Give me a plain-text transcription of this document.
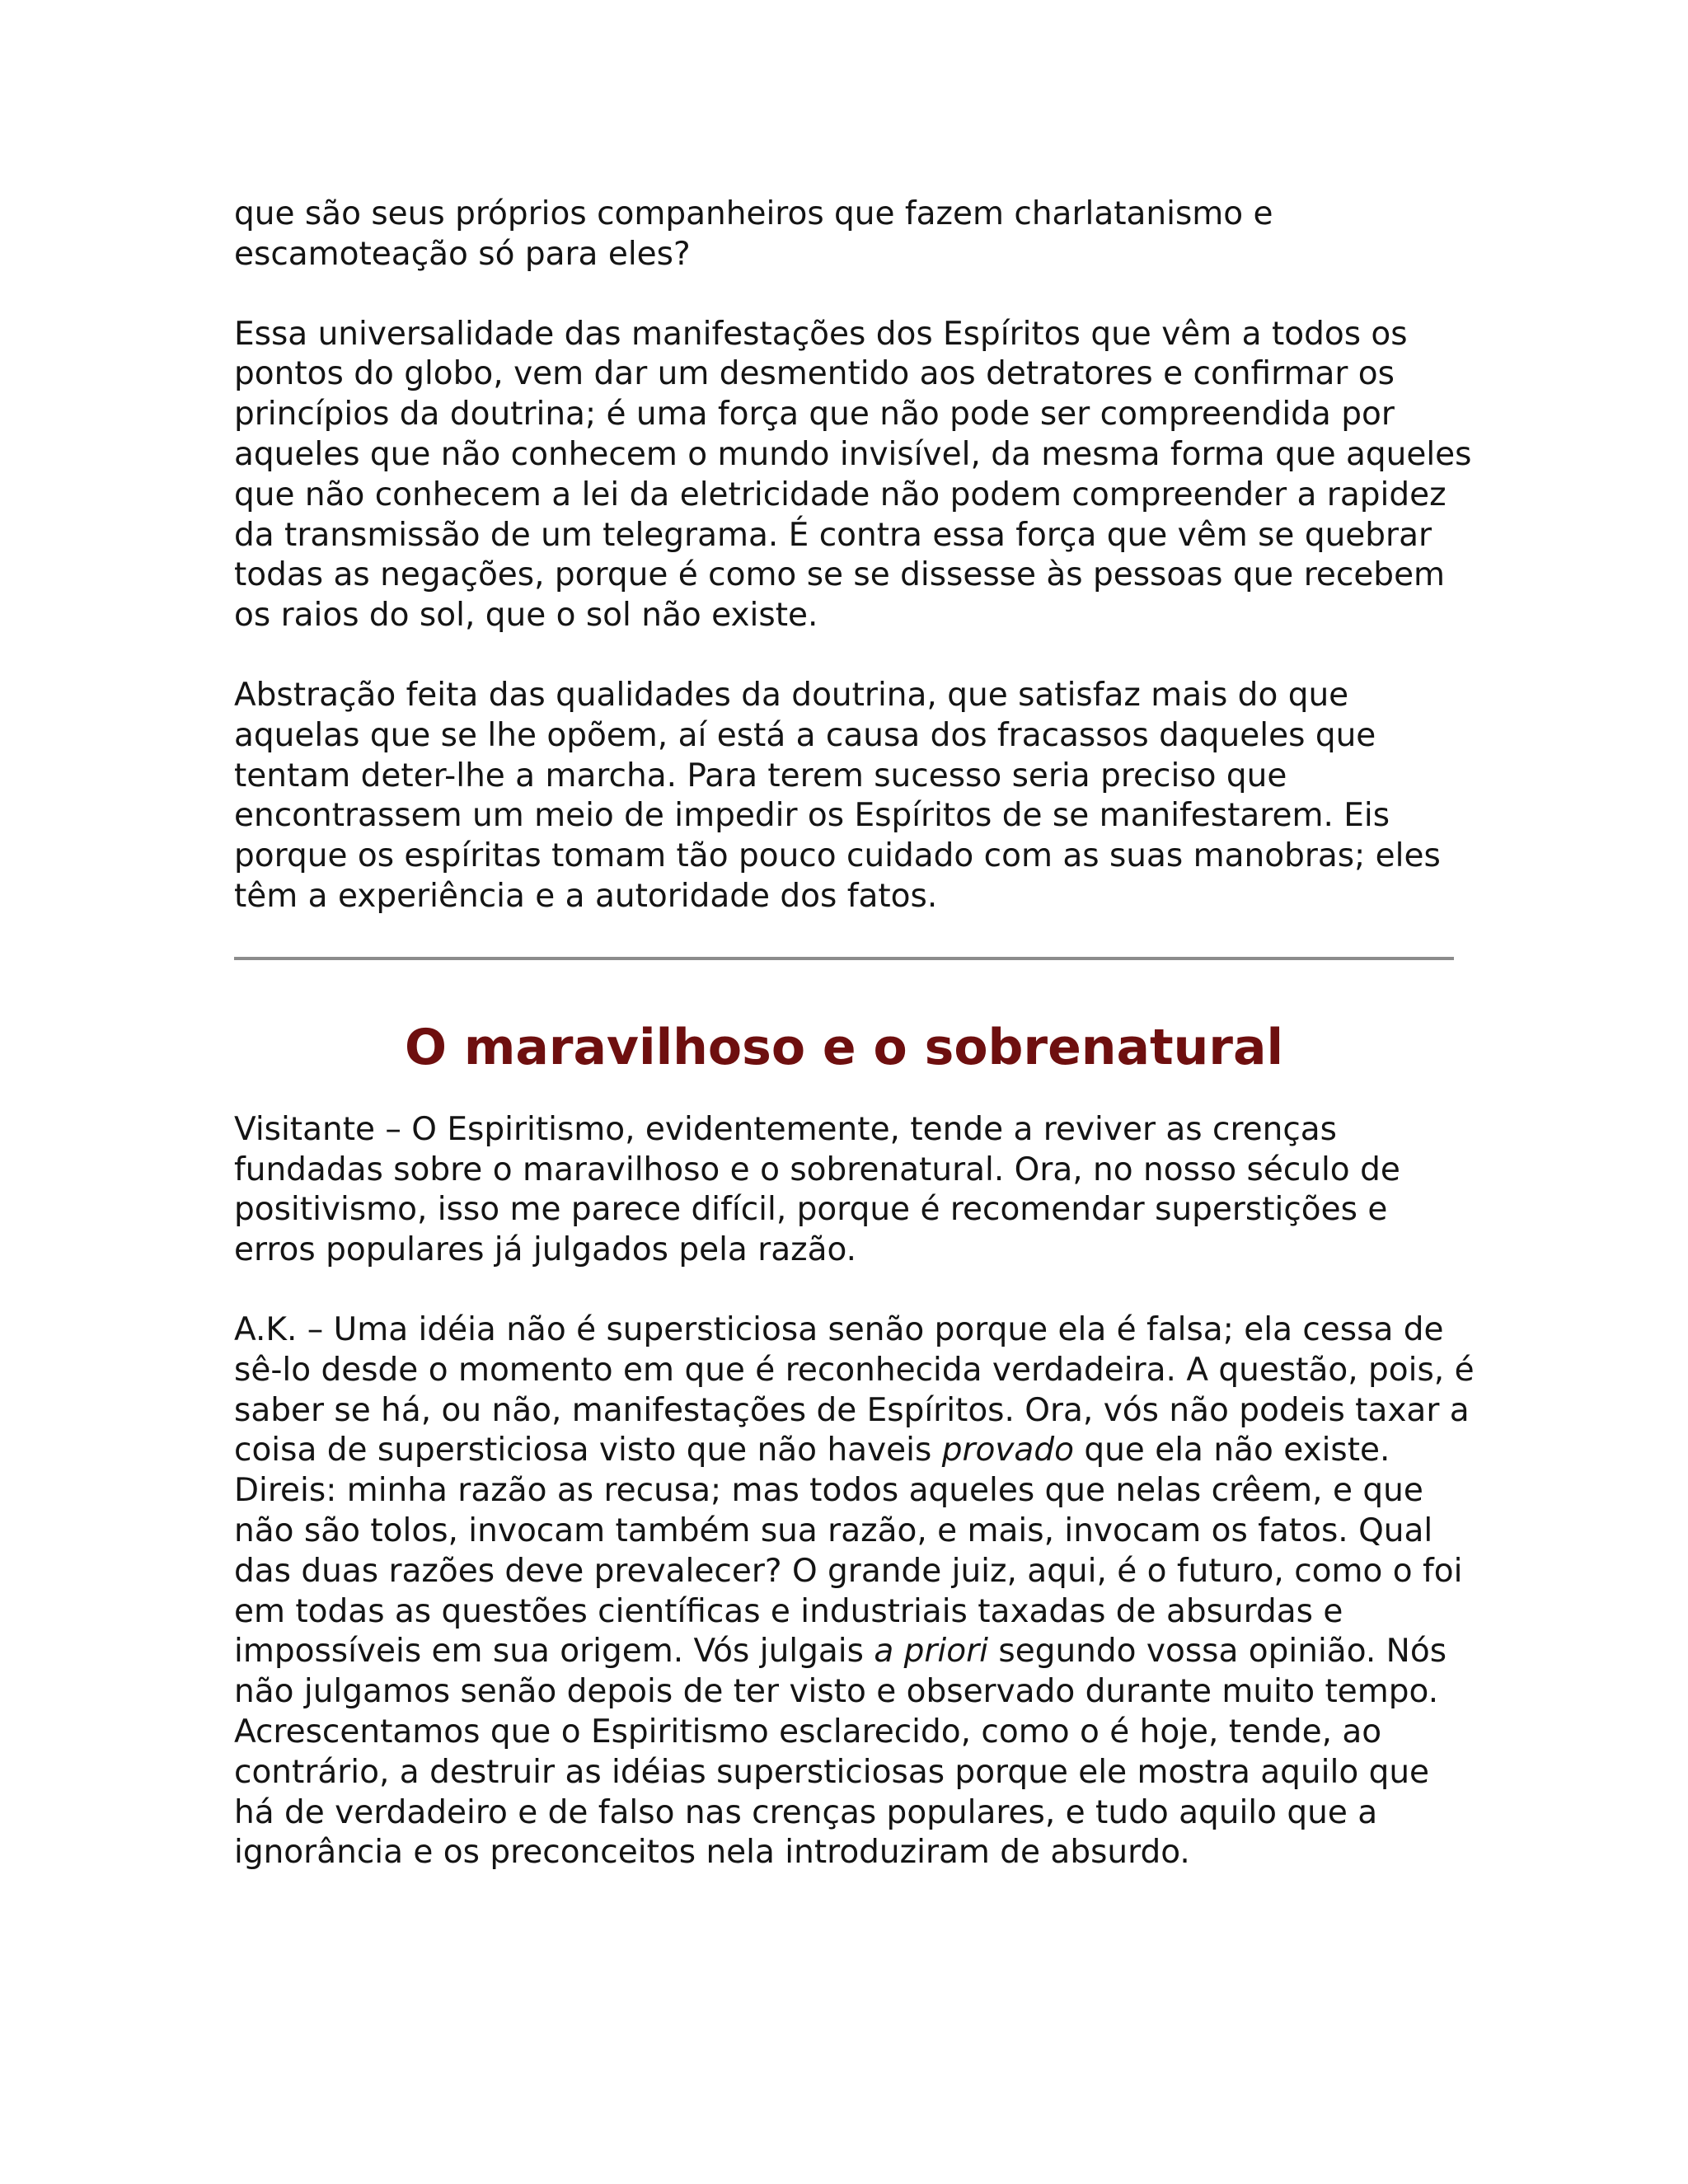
que são seus próprios companheiros que fazem charlatanismo e escamoteação só para eles?

Essa universalidade das manifestações dos Espíritos que vêm a todos os pontos do globo, vem dar um desmentido aos detratores e confirmar os princípios da doutrina; é uma força que não pode ser compreendida por aqueles que não conhecem o mundo invisível, da mesma forma que aqueles que não conhecem a lei da eletricidade não podem compreender a rapidez da transmissão de um telegrama. É contra essa força que vêm se quebrar todas as negações, porque é como se se dissesse às pessoas que recebem os raios do sol, que o sol não existe.

Abstração feita das qualidades da doutrina, que satisfaz mais do que aquelas que se lhe opõem, aí está a causa dos fracassos daqueles que tentam deter-lhe a marcha. Para terem sucesso seria preciso que encontrassem um meio de impedir os Espíritos de se manifestarem. Eis porque os espíritas tomam tão pouco cuidado com as suas manobras; eles têm a experiência e a autoridade dos fatos.

O maravilhoso e o sobrenatural

Visitante – O Espiritismo, evidentemente, tende a reviver as crenças fundadas sobre o maravilhoso e o sobrenatural. Ora, no nosso século de positivismo, isso me parece difícil, porque é recomendar superstições e erros populares já julgados pela razão.

A.K. – Uma idéia não é supersticiosa senão porque ela é falsa; ela cessa de sê-lo desde o momento em que é reconhecida verdadeira. A questão, pois, é saber se há, ou não, manifestações de Espíritos. Ora, vós não podeis taxar a coisa de supersticiosa visto que não haveis provado que ela não existe. Direis: minha razão as recusa; mas todos aqueles que nelas crêem, e que não são tolos, invocam também sua razão, e mais, invocam os fatos. Qual das duas razões deve prevalecer? O grande juiz, aqui, é o futuro, como o foi em todas as questões científicas e industriais taxadas de absurdas e impossíveis em sua origem. Vós julgais a priori segundo vossa opinião. Nós não julgamos senão depois de ter visto e observado durante muito tempo. Acrescentamos que o Espiritismo esclarecido, como o é hoje, tende, ao contrário, a destruir as idéias supersticiosas porque ele mostra aquilo que há de verdadeiro e de falso nas crenças populares, e tudo aquilo que a ignorância e os preconceitos nela introduziram de absurdo.
